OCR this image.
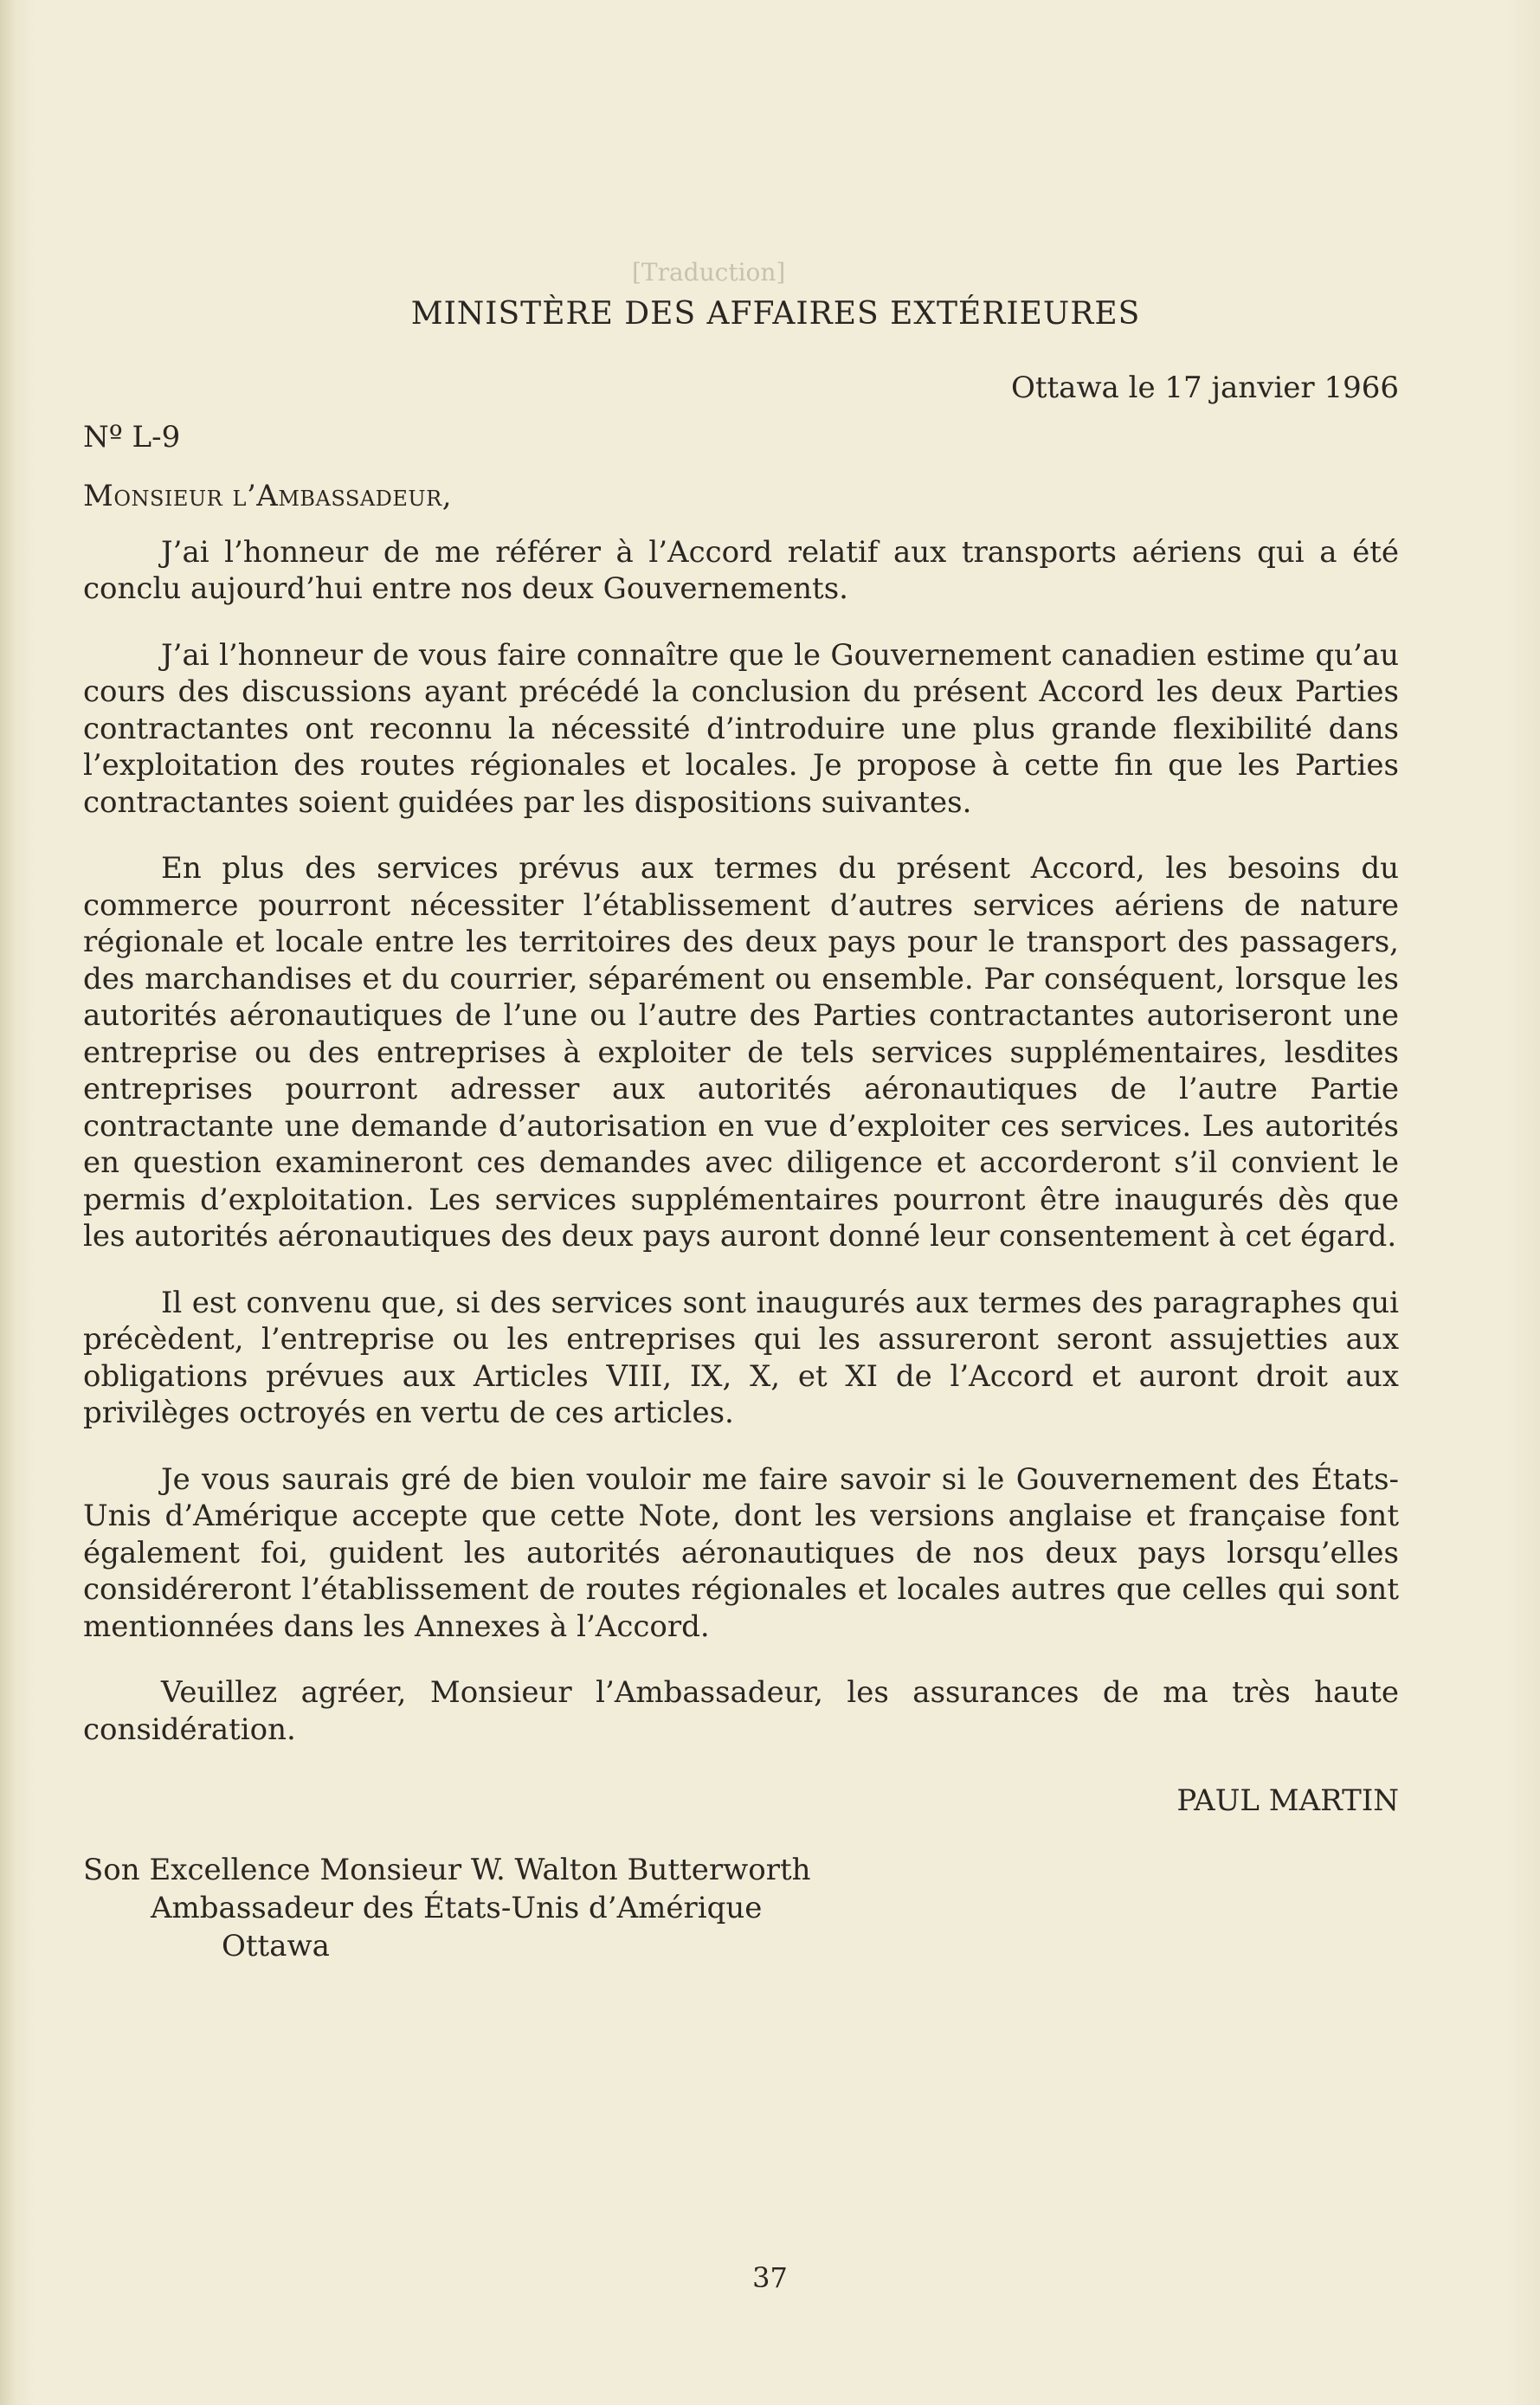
[Traduction]
MINISTÈRE DES AFFAIRES EXTÉRIEURES
Ottawa le 17 janvier 1966
Nº L-9
Monsieur l’Ambassadeur,

J’ai l’honneur de me référer à l’Accord relatif aux transports aériens qui a été conclu aujourd’hui entre nos deux Gouvernements.

J’ai l’honneur de vous faire connaître que le Gouvernement canadien estime qu’au cours des discussions ayant précédé la conclusion du présent Accord les deux Parties contractantes ont reconnu la nécessité d’introduire une plus grande flexibilité dans l’exploitation des routes régionales et locales. Je propose à cette fin que les Parties contractantes soient guidées par les dispositions suivantes.

En plus des services prévus aux termes du présent Accord, les besoins du commerce pourront nécessiter l’établissement d’autres services aériens de nature régionale et locale entre les territoires des deux pays pour le transport des passagers, des marchandises et du courrier, séparément ou ensemble. Par conséquent, lorsque les autorités aéronautiques de l’une ou l’autre des Parties contractantes autoriseront une entreprise ou des entreprises à exploiter de tels services supplémentaires, lesdites entreprises pourront adresser aux autorités aéronautiques de l’autre Partie contractante une demande d’autorisation en vue d’exploiter ces services. Les autorités en question examineront ces demandes avec diligence et accorderont s’il convient le permis d’exploitation. Les services supplémentaires pourront être inaugurés dès que les autorités aéronautiques des deux pays auront donné leur consentement à cet égard.

Il est convenu que, si des services sont inaugurés aux termes des paragraphes qui précèdent, l’entreprise ou les entreprises qui les assureront seront assujetties aux obligations prévues aux Articles VIII, IX, X, et XI de l’Accord et auront droit aux privilèges octroyés en vertu de ces articles.

Je vous saurais gré de bien vouloir me faire savoir si le Gouvernement des États-Unis d’Amérique accepte que cette Note, dont les versions anglaise et française font également foi, guident les autorités aéronautiques de nos deux pays lorsqu’elles considéreront l’établissement de routes régionales et locales autres que celles qui sont mentionnées dans les Annexes à l’Accord.

Veuillez agréer, Monsieur l’Ambassadeur, les assurances de ma très haute considération.

PAUL MARTIN
Son Excellence Monsieur W. Walton Butterworth
Ambassadeur des États-Unis d’Amérique
Ottawa
37
